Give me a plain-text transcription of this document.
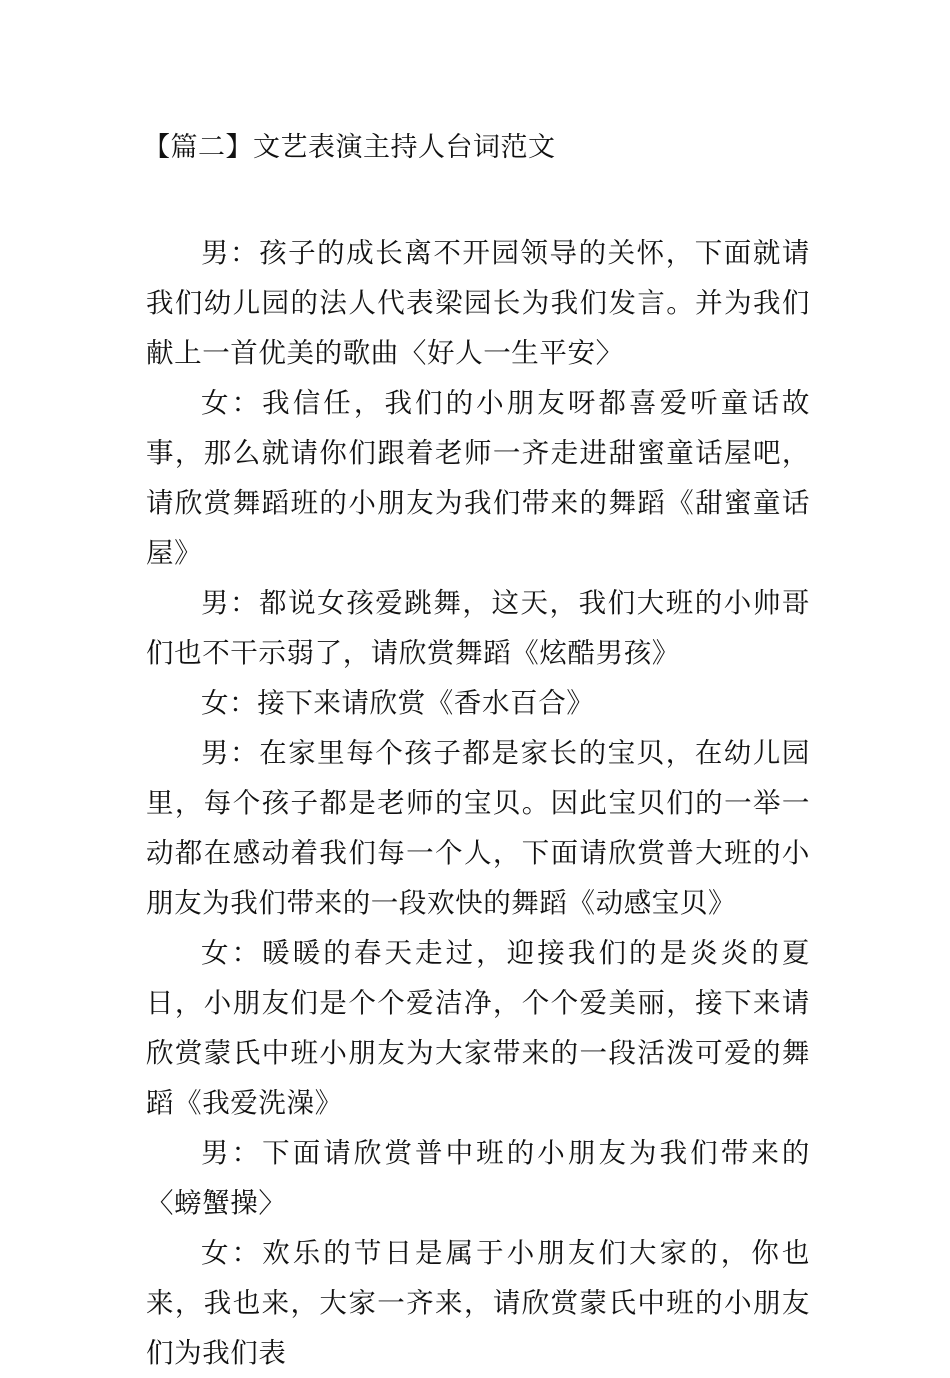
【篇二】文艺表演主持人台词范文

男：孩子的成长离不开园领导的关怀，下面就请我们幼儿园的法人代表梁园长为我们发言。并为我们献上一首优美的歌曲〈好人一生平安〉

女：我信任，我们的小朋友呀都喜爱听童话故事，那么就请你们跟着老师一齐走进甜蜜童话屋吧，请欣赏舞蹈班的小朋友为我们带来的舞蹈《甜蜜童话屋》

男：都说女孩爱跳舞，这天，我们大班的小帅哥们也不干示弱了，请欣赏舞蹈《炫酷男孩》

女：接下来请欣赏《香水百合》

男：在家里每个孩子都是家长的宝贝，在幼儿园里，每个孩子都是老师的宝贝。因此宝贝们的一举一动都在感动着我们每一个人，下面请欣赏普大班的小朋友为我们带来的一段欢快的舞蹈《动感宝贝》

女：暖暖的春天走过，迎接我们的是炎炎的夏日，小朋友们是个个爱洁净，个个爱美丽，接下来请欣赏蒙氏中班小朋友为大家带来的一段活泼可爱的舞蹈《我爱洗澡》

男：下面请欣赏普中班的小朋友为我们带来的〈螃蟹操〉

女：欢乐的节日是属于小朋友们大家的，你也来，我也来，大家一齐来，请欣赏蒙氏中班的小朋友们为我们表
